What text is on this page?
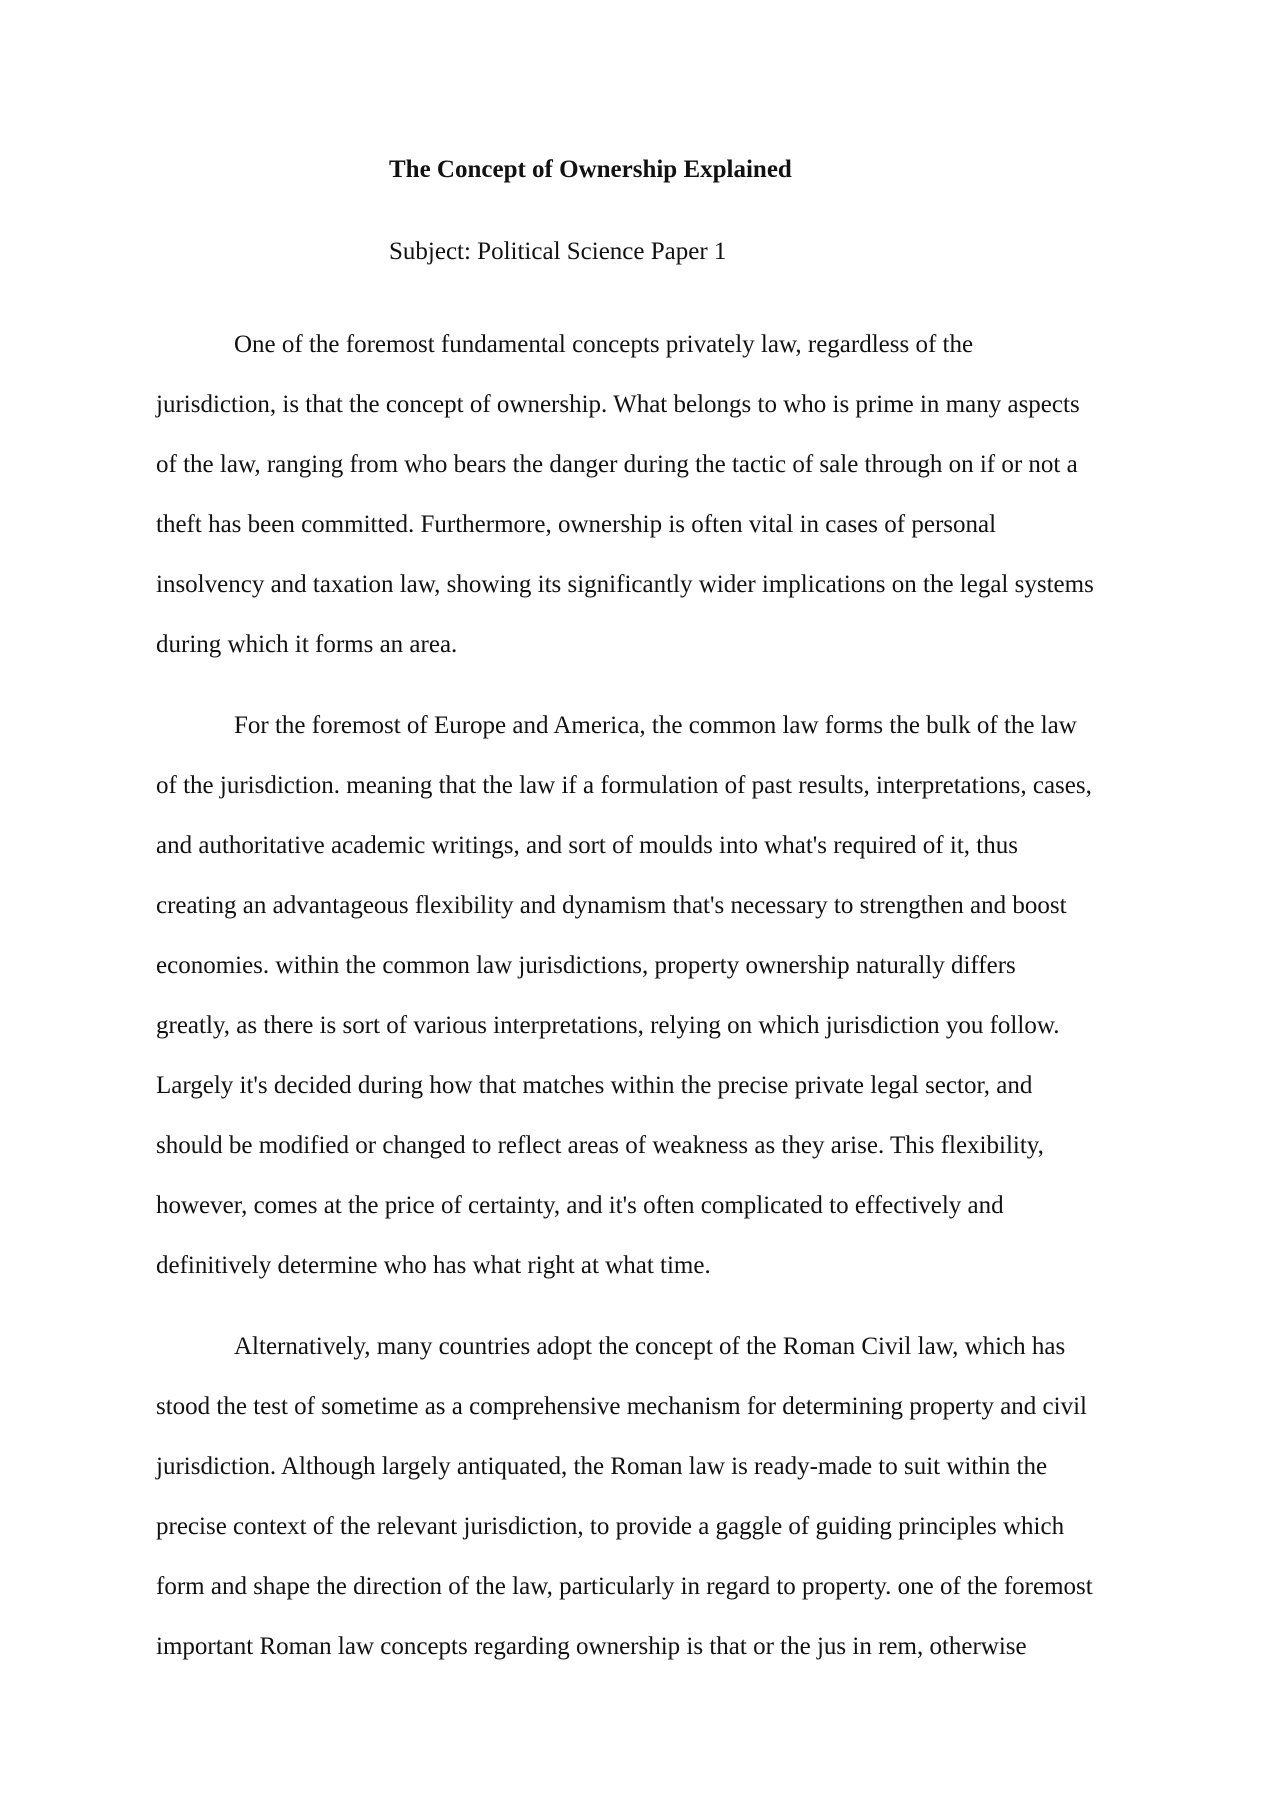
The Concept of Ownership Explained
Subject: Political Science Paper 1
One of the foremost fundamental concepts privately law, regardless of the
jurisdiction, is that the concept of ownership. What belongs to who is prime in many aspects
of the law, ranging from who bears the danger during the tactic of sale through on if or not a
theft has been committed. Furthermore, ownership is often vital in cases of personal
insolvency and taxation law, showing its significantly wider implications on the legal systems
during which it forms an area.
For the foremost of Europe and America, the common law forms the bulk of the law
of the jurisdiction. meaning that the law if a formulation of past results, interpretations, cases,
and authoritative academic writings, and sort of moulds into what's required of it, thus
creating an advantageous flexibility and dynamism that's necessary to strengthen and boost
economies. within the common law jurisdictions, property ownership naturally differs
greatly, as there is sort of various interpretations, relying on which jurisdiction you follow.
Largely it's decided during how that matches within the precise private legal sector, and
should be modified or changed to reflect areas of weakness as they arise. This flexibility,
however, comes at the price of certainty, and it's often complicated to effectively and
definitively determine who has what right at what time.
Alternatively, many countries adopt the concept of the Roman Civil law, which has
stood the test of sometime as a comprehensive mechanism for determining property and civil
jurisdiction. Although largely antiquated, the Roman law is ready-made to suit within the
precise context of the relevant jurisdiction, to provide a gaggle of guiding principles which
form and shape the direction of the law, particularly in regard to property. one of the foremost
important Roman law concepts regarding ownership is that or the jus in rem, otherwise
